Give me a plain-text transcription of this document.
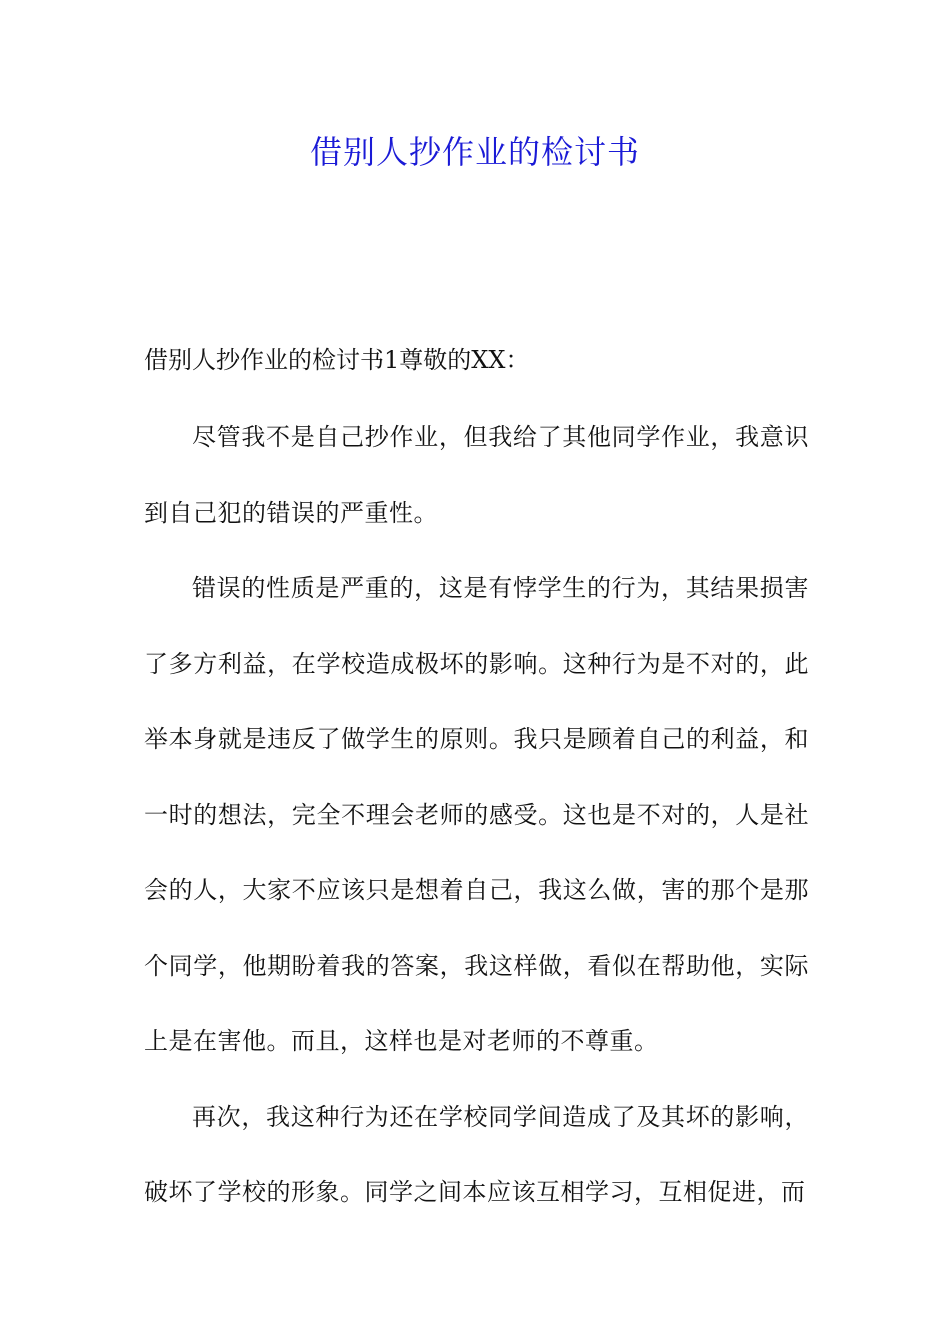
借别人抄作业的检讨书
借别人抄作业的检讨书1尊敬的XX：

尽管我不是自己抄作业，但我给了其他同学作业，我意识到自己犯的错误的严重性。

错误的性质是严重的，这是有悖学生的行为，其结果损害了多方利益，在学校造成极坏的影响。这种行为是不对的，此举本身就是违反了做学生的原则。我只是顾着自己的利益，和一时的想法，完全不理会老师的感受。这也是不对的，人是社会的人，大家不应该只是想着自己，我这么做，害的那个是那个同学，他期盼着我的答案，我这样做，看似在帮助他，实际上是在害他。而且，这样也是对老师的不尊重。

再次，我这种行为还在学校同学间造成了及其坏的影响，破坏了学校的形象。同学之间本应该互相学习，互相促进，而
